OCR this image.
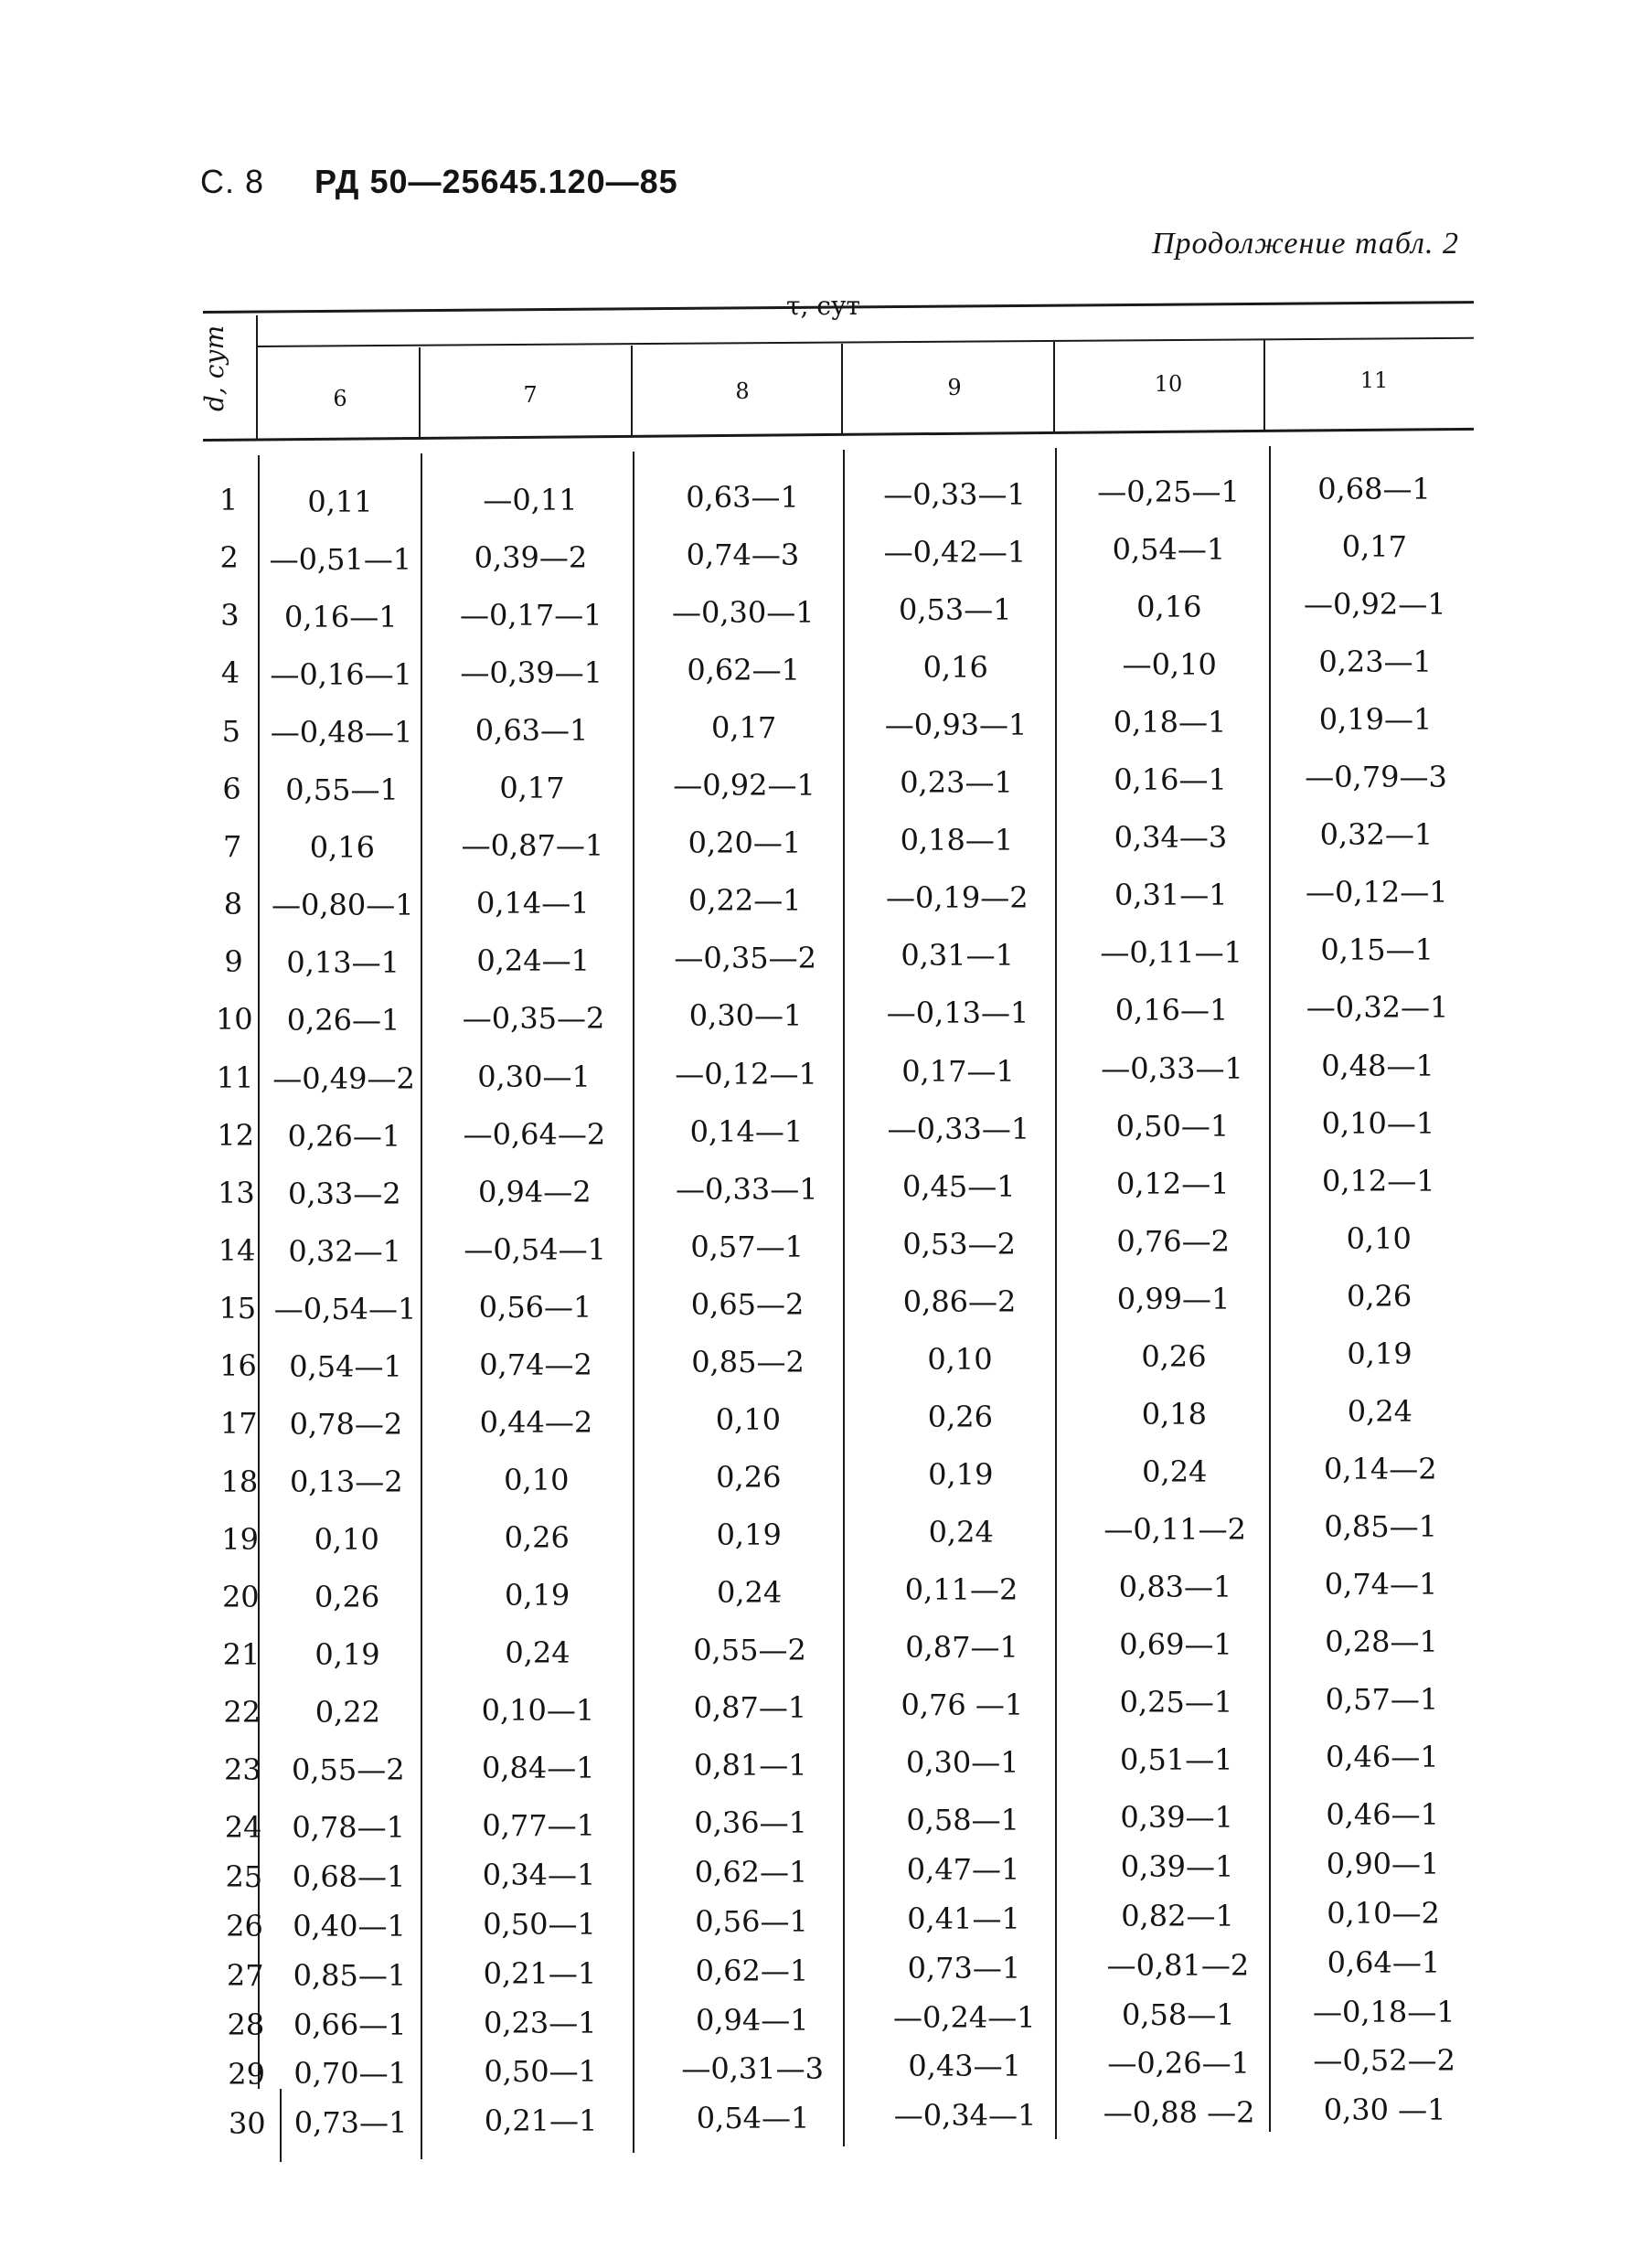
С. 8 РД 50—25645.120—85
Продолжение табл. 2
τ, сут
d, сут	6	7	8	9	10	11
1	0,11	—0,11	0,63—1	—0,33—1	—0,25—1	0,68—1
2	—0,51—1	0,39—2	0,74—3	—0,42—1	0,54—1	0,17
3	0,16—1	—0,17—1	—0,30—1	0,53—1	0,16	—0,92—1
4	—0,16—1	—0,39—1	0,62—1	0,16	—0,10	0,23—1
5	—0,48—1	0,63—1	0,17	—0,93—1	0,18—1	0,19—1
6	0,55—1	0,17	—0,92—1	0,23—1	0,16—1	—0,79—3
7	0,16	—0,87—1	0,20—1	0,18—1	0,34—3	0,32—1
8 —0,80—1	0,14—1	0,22—1	—0,19—2	0,31—1	—0,12—1
9	0,13—1	0,24—1	—0,35—2	0,31—1	—0,11—1	0,15—1
10	0,26—1	—0,35—2	0,30—1	—0,13—1	0,16—1	—0,32—1
11 —0,49—2	0,30—1	—0,12—1	0,17—1	—0,33—1	0,48—1
12	0,26—1	—0,64—2	0,14—1	—0,33—1	0,50—1	0,10—1
13	0,33—2	0,94—2	—0,33—1	0,45—1	0,12—1	0,12—1
14	0,32—1	—0,54—1	0,57—1	0,53—2	0,76—2	0,10
15 —0,54—1	0,56—1	0,65—2	0,86—2	0,99—1	0,26
16	0,54—1	0,74—2	0,85—2	0,10	0,26	0,19
17	0,78—2	0,44—2	0,10	0,26	0,18	0,24
18	0,13—2	0,10	0,26	0,19	0,24	0,14—2
19	0,10	0,26	0,19	0,24	—0,11—2	0,85—1
20	0,26	0,19	0,24	0,11—2	0,83—1	0,74—1
21	0,19	0,24	0,55—2	0,87—1	0,69—1	0,28—1
22	0,22	0,10—1	0,87—1	0,76 —1	0,25—1	0,57—1
23	0,55—2	0,84—1	0,81—1	0,30—1	0,51—1	0,46—1
24	0,78—1	0,77—1	0,36—1	0,58—1	0,39—1	0,46—1
25	0,68—1	0,34—1	0,62—1	0,47—1	0,39—1	0,90—1
26	0,40—1	0,50—1	0,56—1	0,41—1	0,82—1	0,10—2
27	0,85—1	0,21—1	0,62—1	0,73—1	—0,81—2	0,64—1
28 0,66—1	0,23—1	0,94—1	—0,24—1	0,58—1	—0,18—1
29 0,70—1	0,50—1	—0,31—3	0,43—1	—0,26—1	—0,52—2
30 0,73—1	0,21—1	0,54—1	—0,34—1	—0,88 —2	0,30 —1
